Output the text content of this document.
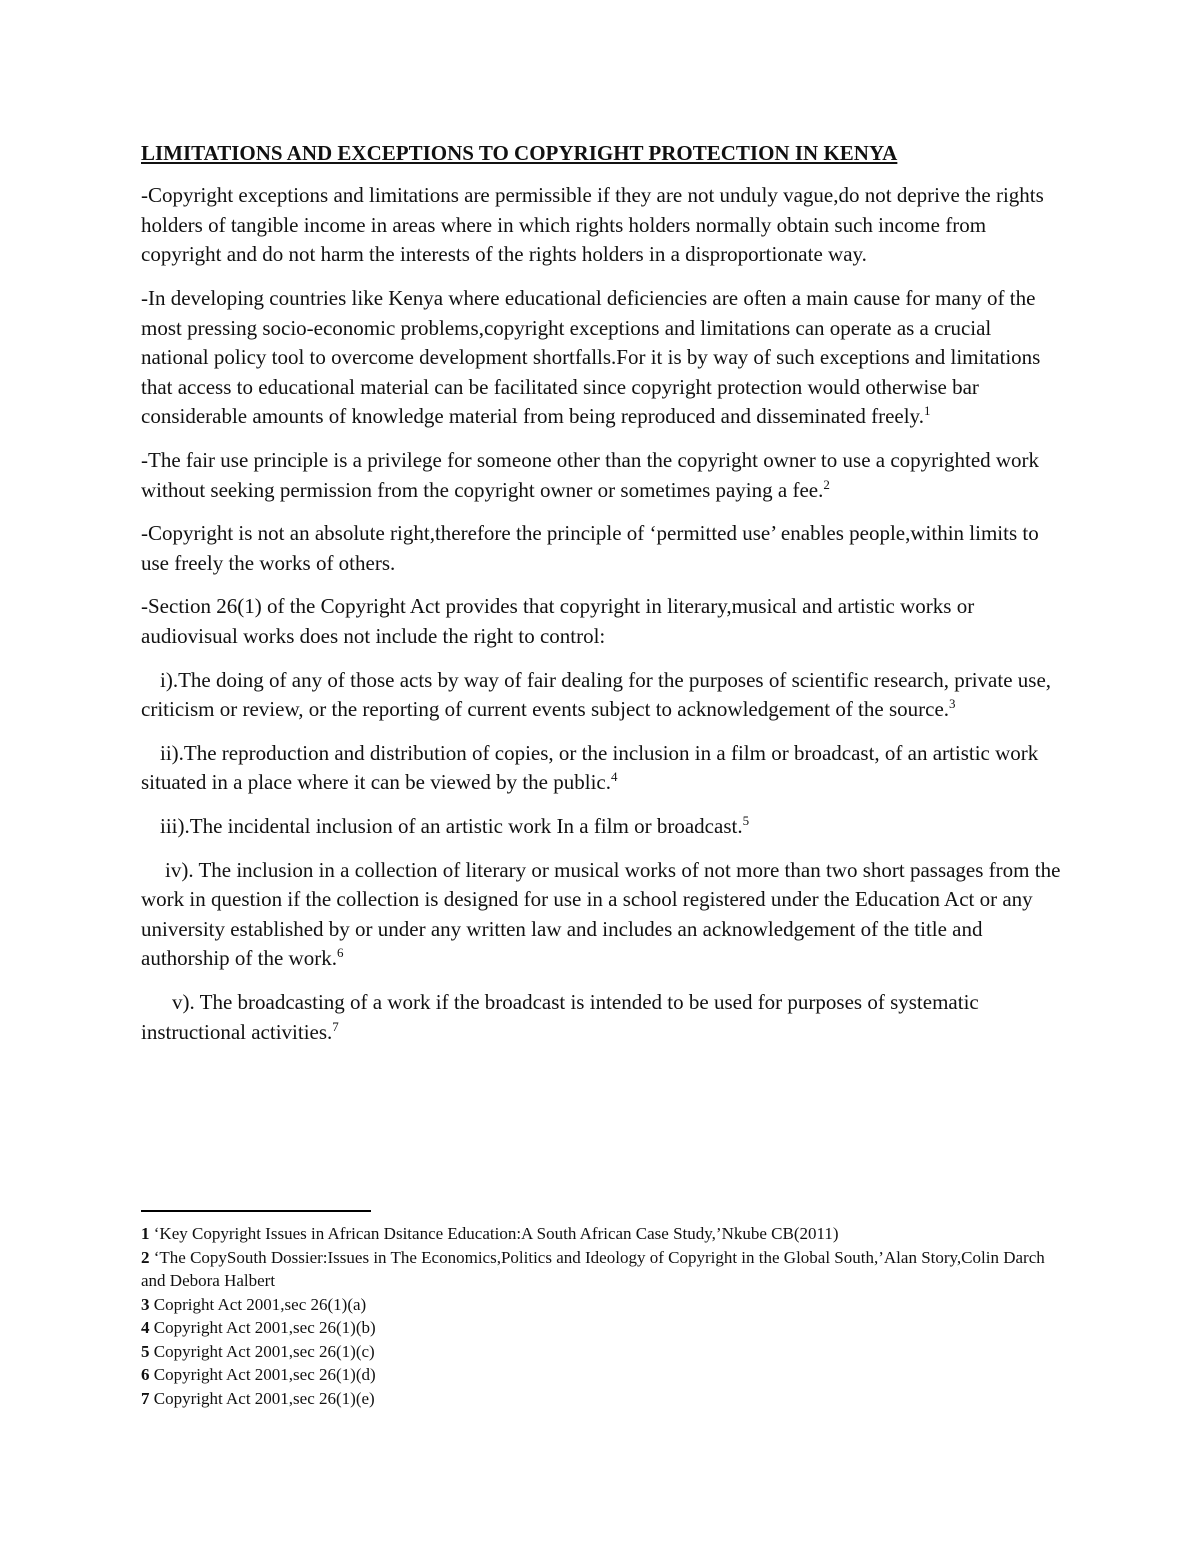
LIMITATIONS AND EXCEPTIONS TO COPYRIGHT PROTECTION IN KENYA

-Copyright exceptions and limitations are permissible if they are not unduly vague,do not deprive the rights holders of tangible income in areas where in which rights holders normally obtain such income from copyright and do not harm the interests of the rights holders in a disproportionate way.

-In developing countries like Kenya where educational deficiencies are often a main cause for many of the most pressing socio-economic problems,copyright exceptions and limitations can operate as a crucial national policy tool to overcome development shortfalls.For it is by way of such exceptions and limitations that access to educational material can be facilitated since copyright protection would otherwise bar considerable amounts of knowledge material from being reproduced and disseminated freely.$^1$

-The fair use principle is a privilege for someone other than the copyright owner to use a copyrighted work without seeking permission from the copyright owner or sometimes paying a fee.$^2$

-Copyright is not an absolute right,therefore the principle of ‘permitted use’ enables people,within limits to use freely the works of others.

-Section 26(1) of the Copyright Act provides that copyright in literary,musical and artistic works or audiovisual works does not include the right to control:

i).The doing of any of those acts by way of fair dealing for the purposes of scientific research, private use, criticism or review, or the reporting of current events subject to acknowledgement of the source.$^3$

ii).The reproduction and distribution of copies, or the inclusion in a film or broadcast, of an artistic work situated in a place where it can be viewed by the public.$^4$

iii).The incidental inclusion of an artistic work In a film or broadcast.$^5$

iv). The inclusion in a collection of literary or musical works of not more than two short passages from the work in question if the collection is designed for use in a school registered under the Education Act or any university established by or under any written law and includes an acknowledgement of the title and authorship of the work.$^6$

v). The broadcasting of a work if the broadcast is intended to be used for purposes of systematic instructional activities.$^7$

1 ‘Key Copyright Issues in African Dsitance Education:A South African Case Study,’Nkube CB(2011)

2 ‘The CopySouth Dossier:Issues in The Economics,Politics and Ideology of Copyright in the Global South,’Alan Story,Colin Darch and Debora Halbert

3 Copright Act 2001,sec 26(1)(a)

4 Copyright Act 2001,sec 26(1)(b)

5 Copyright Act 2001,sec 26(1)(c)

6 Copyright Act 2001,sec 26(1)(d)

7 Copyright Act 2001,sec 26(1)(e)
